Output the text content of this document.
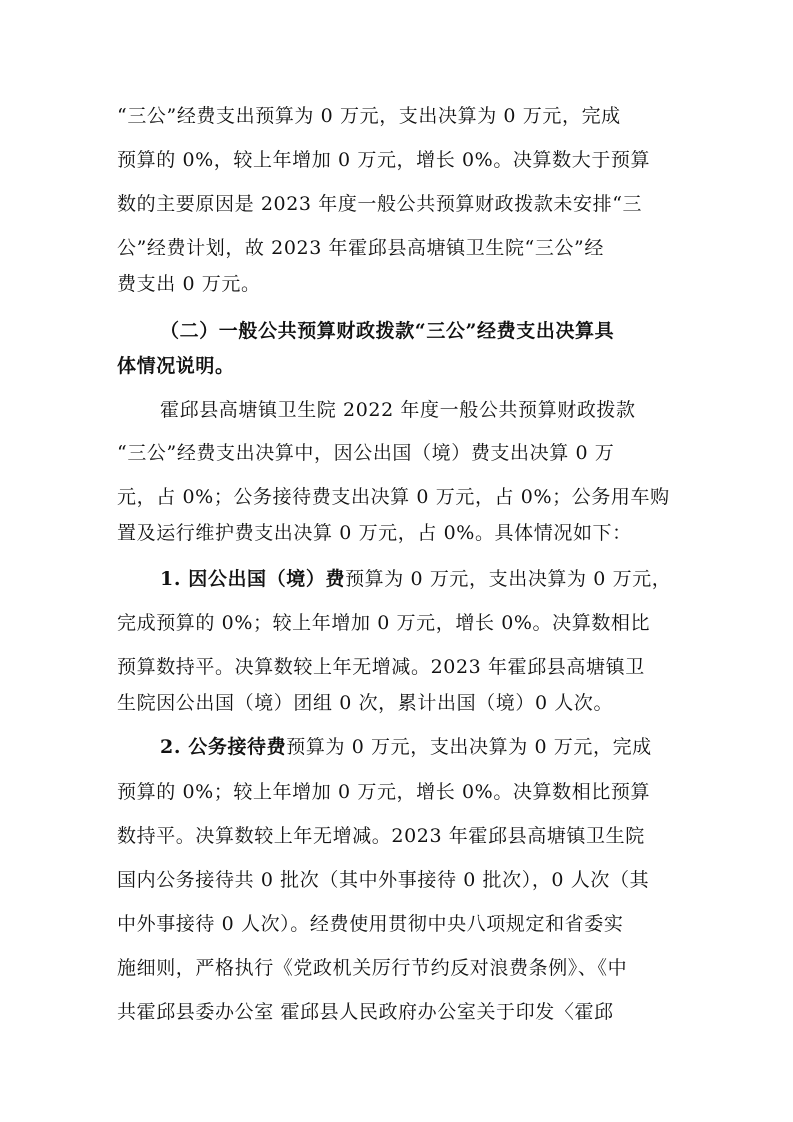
“三公”经费支出预算为 0 万元，支出决算为 0 万元，完成
预算的 0%，较上年增加 0 万元，增长 0%。决算数大于预算
数的主要原因是 2023 年度一般公共预算财政拨款未安排“三
公”经费计划，故 2023 年霍邱县高塘镇卫生院“三公”经
费支出 0 万元。
（二）一般公共预算财政拨款“三公”经费支出决算具
体情况说明。
霍邱县高塘镇卫生院 2022 年度一般公共预算财政拨款
“三公”经费支出决算中，因公出国（境）费支出决算 0 万
元，占 0%；公务接待费支出决算 0 万元，占 0%；公务用车购
置及运行维护费支出决算 0 万元，占 0%。具体情况如下：
1. 因公出国（境）费预算为 0 万元，支出决算为 0 万元，
完成预算的 0%；较上年增加 0 万元，增长 0%。决算数相比
预算数持平。决算数较上年无增减。2023 年霍邱县高塘镇卫
生院因公出国（境）团组 0 次，累计出国（境）0 人次。
2. 公务接待费预算为 0 万元，支出决算为 0 万元，完成
预算的 0%；较上年增加 0 万元，增长 0%。决算数相比预算
数持平。决算数较上年无增减。2023 年霍邱县高塘镇卫生院
国内公务接待共 0 批次（其中外事接待 0 批次），0 人次（其
中外事接待 0 人次）。经费使用贯彻中央八项规定和省委实
施细则，严格执行《党政机关厉行节约反对浪费条例》、《中
共霍邱县委办公室 霍邱县人民政府办公室关于印发〈霍邱
